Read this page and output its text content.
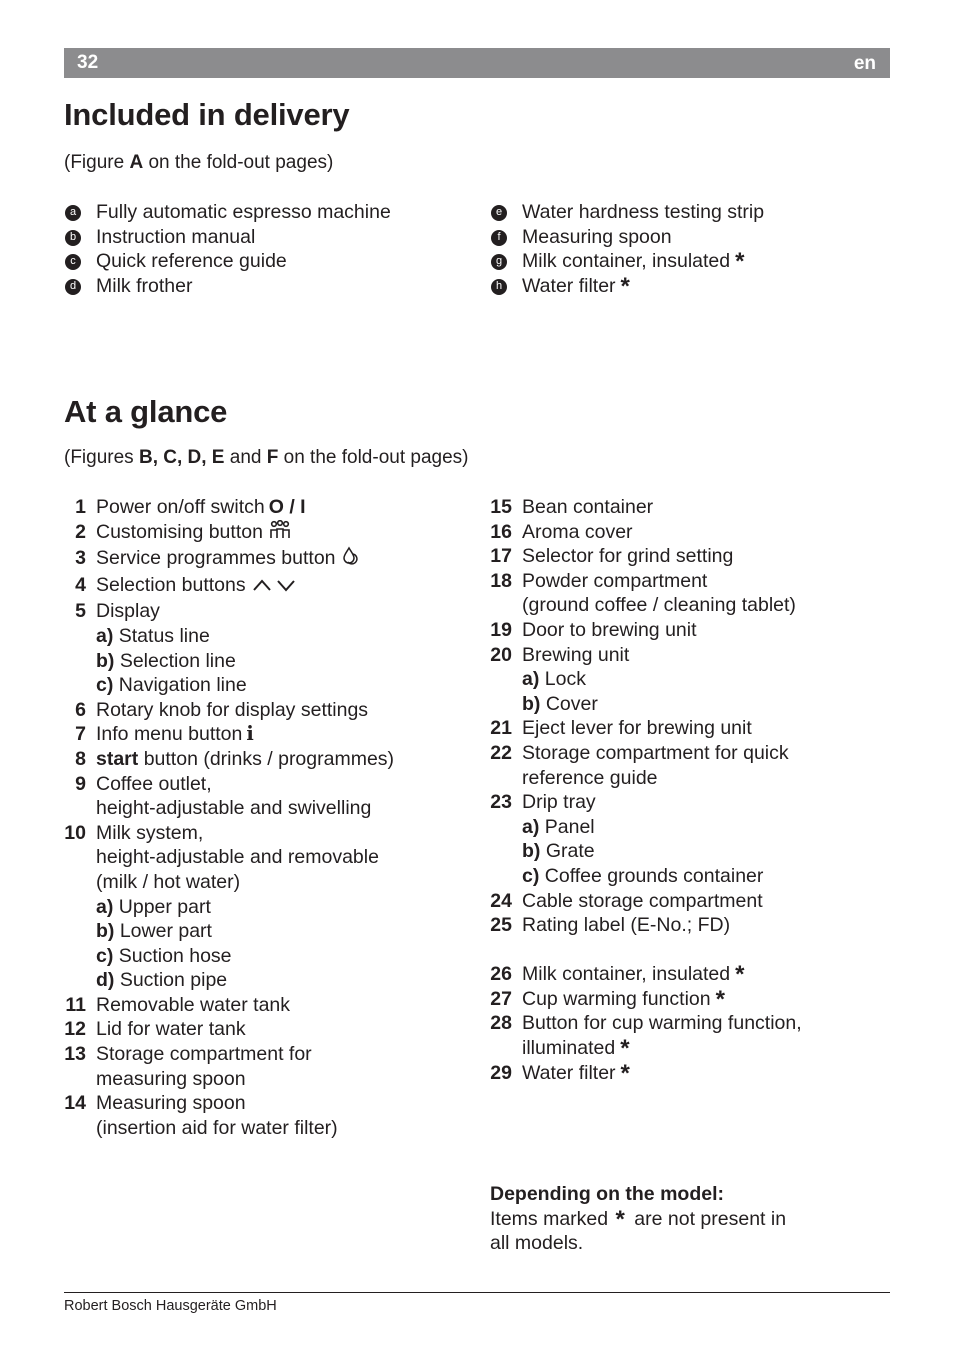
32	en
Included in delivery

(Figure A on the fold-out pages)

a	Fully automatic espresso machine
b	Instruction manual
c	Quick reference guide
d	Milk frother
e	Water hardness testing strip
f	Measuring spoon
g	Milk container, insulated *
h	Water filter *
At a glance

(Figures B, C, D, E and F on the fold-out pages)

1 Power on/off switch O / I
2 Customising button
3 Service programmes button
4 Selection buttons
5 Display
a) Status line
b) Selection line
c) Navigation line
6 Rotary knob for display settings
7 Info menu button i
8 start button (drinks / programmes)
9 Coffee outlet,
height-adjustable and swivelling
10 Milk system,
height-adjustable and removable
(milk / hot water)
a) Upper part
b) Lower part
c) Suction hose
d) Suction pipe
11 Removable water tank
12 Lid for water tank
13 Storage compartment for
measuring spoon
14 Measuring spoon
(insertion aid for water filter)
15 Bean container
16 Aroma cover
17 Selector for grind setting
18 Powder compartment
(ground coffee / cleaning tablet)
19 Door to brewing unit
20 Brewing unit
a) Lock
b) Cover
21 Eject lever for brewing unit
22 Storage compartment for quick
reference guide
23 Drip tray
a) Panel
b) Grate
c) Coffee grounds container
24 Cable storage compartment
25 Rating label (E-No.; FD)
26 Milk container, insulated *
27 Cup warming function *
28 Button for cup warming function,
illuminated *
29 Water filter *
Depending on the model:
Items marked * are not present in
all models.
Robert Bosch Hausgeräte GmbH
